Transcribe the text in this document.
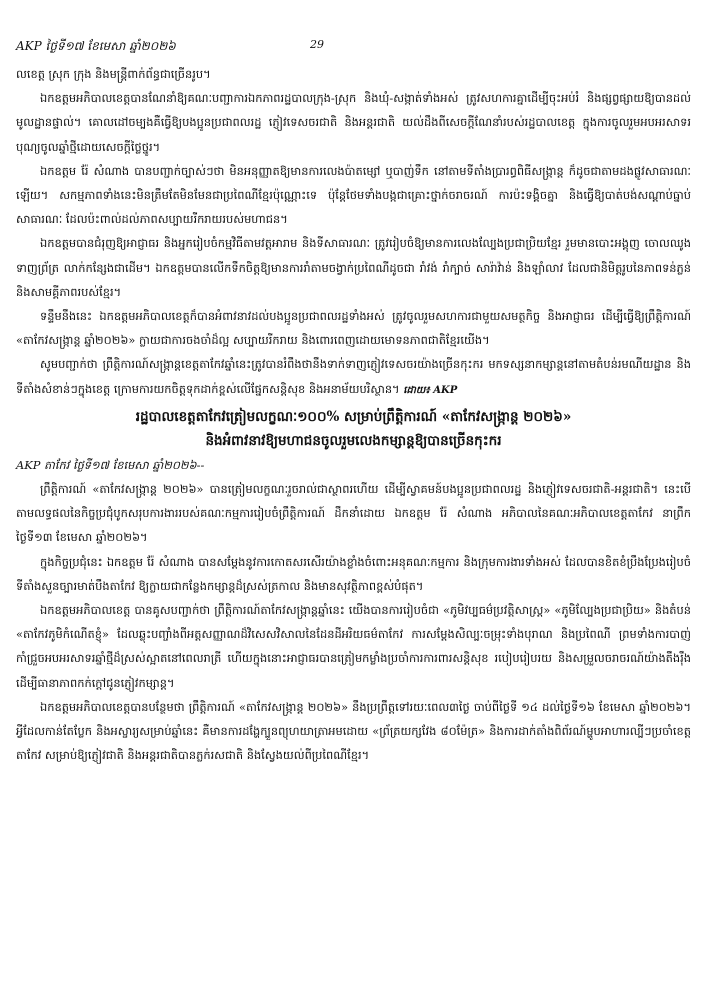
AKP ថ្ងៃទី១៧ ខែមេសា ឆ្នាំ២០២៦	29

លខេត្ត ស្រុក ក្រុង និងមន្ត្រីពាក់ព័ន្ធជាច្រើនរូប។

ឯកឧត្តមអភិបាលខេត្តបានណែនាំឱ្យគណៈបញ្ជាការឯកភាពរដ្ឋបាលក្រុង-ស្រុក និងឃុំ-សង្កាត់ទាំងអស់ ត្រូវសហការគ្នាដើម្បីចុះអប់រំ និងផ្សព្វផ្សាយឱ្យបានដល់មូលដ្ឋានផ្ទាល់។ គោលដៅចម្បងគឺធ្វើឱ្យបងប្អូនប្រជាពលរដ្ឋ ភ្ញៀវទេសចរជាតិ និងអន្តរជាតិ យល់ដឹងពីសេចក្ដីណែនាំរបស់រដ្ឋបាលខេត្ត ក្នុងការចូលរួមអបអរសាទរបុណ្យចូលឆ្នាំថ្មីដោយសេចក្ដីថ្លៃថ្នូរ។

ឯកឧត្តម រ៉ែ សំណាង បានបញ្ជាក់ច្បាស់ៗថា មិនអនុញ្ញាតឱ្យមានការលេងប៉ាតម្សៅ ឬបាញ់ទឹក នៅតាមទីតាំងប្រារព្ធពិធីសង្ក្រាន្ត ក៏ដូចជាតាមដងផ្លូវសាធារណៈឡើយ។ សកម្មភាពទាំងនេះមិនត្រឹមតែមិនមែនជាប្រពៃណីខ្មែរប៉ុណ្ណោះទេ ប៉ុន្តែថែមទាំងបង្កជាគ្រោះថ្នាក់ចរាចរណ៍ ការប៉ះទង្គិចគ្នា និងធ្វើឱ្យបាត់បង់សណ្ដាប់ធ្នាប់សាធារណៈ ដែលប៉ះពាល់ដល់ភាពសប្បាយរីករាយរបស់មហាជន។

ឯកឧត្តមបានជំរុញឱ្យអាជ្ញាធរ និងអ្នករៀបចំកម្មវិធីតាមវត្តអារាម និងទីសាធារណៈ ត្រូវរៀបចំឱ្យមានការលេងល្បែងប្រជាប្រិយខ្មែរ រួមមានបោះអង្គុញ ចោលឈូង ទាញព្រ័ត្រ លាក់កន្សែងជាដើម។ ឯកឧត្តមបានលើកទឹកចិត្តឱ្យមានការរាំតាមចង្វាក់ប្រពៃណីដូចជា រាំវង់ រាំក្បាច់ សារ៉ាវ៉ាន់ និងឡាំលាវ ដែលជានិមិត្តរូបនៃភាពទន់ភ្លន់ និងសាមគ្គីភាពរបស់ខ្មែរ។

ទន្ទឹមនឹងនេះ ឯកឧត្តមអភិបាលខេត្តក៏បានអំពាវនាវដល់បងប្អូនប្រជាពលរដ្ឋទាំងអស់ ត្រូវចូលរួមសហការជាមួយសមត្ថកិច្ច និងអាជ្ញាធរ ដើម្បីធ្វើឱ្យព្រឹត្តិការណ៍ «តាកែវសង្ក្រាន្ត ឆ្នាំ២០២៦» ក្លាយជាការចងចាំដ៏ល្អ សប្បាយរីករាយ និងពោរពេញដោយមោទនភាពជាតិខ្មែរយើង។

សូមបញ្ជាក់ថា ព្រឹត្តិការណ៍សង្ក្រាន្តខេត្តតាកែវឆ្នាំនេះត្រូវបានរំពឹងថានឹងទាក់ទាញភ្ញៀវទេសចរយ៉ាងច្រើនកុះករ មកទស្សនាកម្សាន្តនៅតាមតំបន់រមណីយដ្ឋាន និងទីតាំងសំខាន់ៗក្នុងខេត្ត ក្រោមការយកចិត្តទុកដាក់ខ្ពស់លើផ្នែកសន្តិសុខ និងអនាម័យបរិស្ថាន។ ដោយ៖ AKP

រដ្ឋបាលខេត្តតាកែវត្រៀមលក្ខណៈ១០០% សម្រាប់ព្រឹត្តិការណ៍ «តាកែវសង្ក្រាន្ត ២០២៦»
និងអំពាវនាវឱ្យមហាជនចូលរួមលេងកម្សាន្តឱ្យបានច្រើនកុះករ

AKP តាកែវ ថ្ងៃទី១៧ ខែមេសា ឆ្នាំ២០២៦--

ព្រឹត្តិការណ៍ «តាកែវសង្ក្រាន្ត ២០២៦» បានត្រៀមលក្ខណៈរួចរាល់ជាស្ថាពរហើយ ដើម្បីស្វាគមន៍បងប្អូនប្រជាពលរដ្ឋ និងភ្ញៀវទេសចរជាតិ-អន្តរជាតិ។ នេះបើតាមលទ្ធផលនៃកិច្ចប្រជុំបូកសរុបការងាររបស់គណៈកម្មការរៀបចំព្រឹត្តិការណ៍ ដឹកនាំដោយ ឯកឧត្តម រ៉ែ សំណាង អភិបាលនៃគណៈអភិបាលខេត្តតាកែវ នាព្រឹកថ្ងៃទី១៣ ខែមេសា ឆ្នាំ២០២៦។

ក្នុងកិច្ចប្រជុំនេះ ឯកឧត្តម រ៉ែ សំណាង បានសម្ដែងនូវការកោតសរសើរយ៉ាងខ្លាំងចំពោះអនុគណៈកម្មការ និងក្រុមការងារទាំងអស់ ដែលបានខិតខំប្រឹងប្រែងរៀបចំទីតាំងសួនច្បារមាត់បឹងតាកែវ ឱ្យក្លាយជាកន្លែងកម្សាន្តដ៏ស្រស់ត្រកាល និងមានសុវត្ថិភាពខ្ពស់បំផុត។

ឯកឧត្តមអភិបាលខេត្ត បានគូសបញ្ជាក់ថា ព្រឹត្តិការណ៍តាកែវសង្ក្រាន្តឆ្នាំនេះ យើងបានការរៀបចំជា «ភូមិវប្បធម៌ប្រវត្តិសាស្ត្រ» «ភូមិល្បែងប្រជាប្រិយ» និងតំបន់ «តាកែវភូមិកំណើតខ្ញុំ» ដែលឆ្លុះបញ្ចាំងពីអត្តសញ្ញាណដ៏វិសេសវិសាលនៃដែនដីអរិយធម៌តាកែវ ការសម្ដែងសិល្បៈចម្រុះទាំងបុរាណ និងប្រពៃណី ព្រមទាំងការបាញ់កាំជ្រួចអបអរសាទរឆ្នាំថ្មីដ៏ស្រស់ស្អាតនៅពេលរាត្រី ហើយក្នុងនោះអាជ្ញាធរបានត្រៀមកម្លាំងប្រចាំការការពារសន្តិសុខ របៀបរៀបរយ និងសម្រួលចរាចរណ៍យ៉ាងតឹងរ៉ឹង ដើម្បីធានាភាពកក់ក្ដៅជូនភ្ញៀវកម្សាន្ត។

ឯកឧត្តមអភិបាលខេត្តបានបន្ថែមថា ព្រឹត្តិការណ៍ «តាកែវសង្ក្រាន្ត ២០២៦» នឹងប្រព្រឹត្តទៅរយៈពេល៣ថ្ងៃ ចាប់ពីថ្ងៃទី ១៤ ដល់ថ្ងៃទី១៦ ខែមេសា ឆ្នាំ២០២៦។ អ្វីដែលកាន់តែប្លែក និងអស្ចារ្យសម្រាប់ឆ្នាំនេះ គឺមានការដង្ហែក្បួនព្យុហយាត្រាអមដោយ «ព្រ័ត្រយក្សវែង ៨០ម៉ែត្រ» និងការដាក់តាំងពិព័រណ៍ម្ហូបអាហារល្បីៗប្រចាំខេត្តតាកែវ សម្រាប់ឱ្យភ្ញៀវជាតិ និងអន្តរជាតិបានភ្លក់រសជាតិ និងស្វែងយល់ពីប្រពៃណីខ្មែរ។
